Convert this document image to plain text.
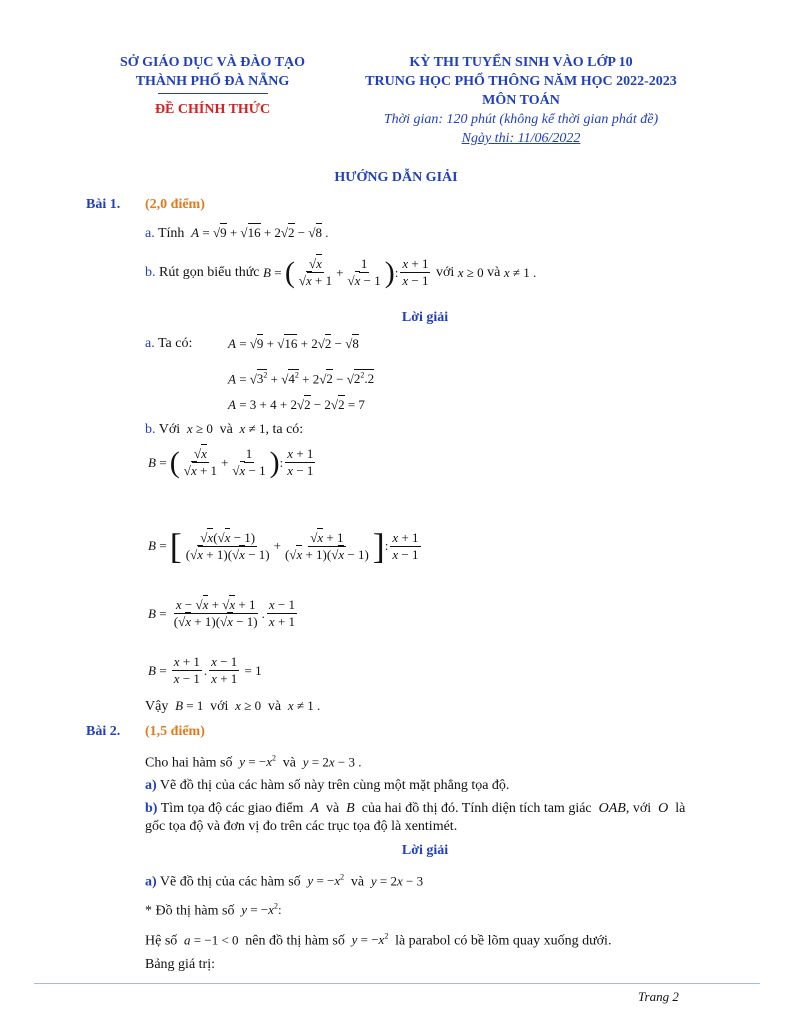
SỞ GIÁO DỤC VÀ ĐÀO TẠO
THÀNH PHỐ ĐÀ NẴNG
ĐỀ CHÍNH THỨC
KỲ THI TUYỂN SINH VÀO LỚP 10
TRUNG HỌC PHỔ THÔNG NĂM HỌC 2022-2023
MÔN TOÁN
Thời gian: 120 phút (không kể thời gian phát đề)
Ngày thi: 11/06/2022
HƯỚNG DẪN GIẢI
Bài 1. (2,0 điểm)
a. Tính A = √9 + √16 + 2√2 − √8 .
b.
Rút gọn biểu thức
B = ( $\frac{√x}{√x + 1} + \frac{1}{√x - 1}$ ) : $\frac{x + 1}{x - 1}$
với
x ≥ 0
và
x ≠ 1 .
Lời giải
a. Ta có:	A = √9 + √16 + 2√2 − √8
$A = √3^2 + √4^2 + 2√2 - √2^2.2$
A = 3 + 4 + 2√2 − 2√2 = 7
b. Với x ≥ 0  và x ≠ 1, ta có:
B = ( $\frac{√x}{√x + 1} + \frac{1}{√x - 1}$ ) : $\frac{x + 1}{x - 1}$
B = [ $\frac{√x(√x - 1)}{(√x + 1)(√x - 1)} + \frac{√x + 1}{(√x + 1)(√x - 1)}$ ] : $\frac{x + 1}{x - 1}$
$B = \frac{x - √x + √x + 1}{(√x + 1)(√x - 1)}$ . $\frac{x - 1}{x + 1}$
$B = \frac{x + 1}{x - 1}$ . $\frac{x - 1}{x + 1} = 1$
Vậy B = 1  với x ≥ 0  và x ≠ 1 .
Bài 2. (1,5 điểm)
Cho hai hàm số $y = -x^2$ và y = 2x − 3 .
a) Vẽ đồ thị của các hàm số này trên cùng một mặt phẳng tọa độ.
b) Tìm tọa độ các giao điểm  A  và  B  của hai đồ thị đó. Tính diện tích tam giác  OAB, với  O  là
gốc tọa độ và đơn vị đo trên các trục tọa độ là xentimét.
Lời giải
a) Vẽ đồ thị của các hàm số $y = -x^2$ và y = 2x − 3
* Đồ thị hàm số $y = -x^2$:
Hệ số a = −1 < 0  nên đồ thị hàm số $y = -x^2$ là parabol có bề lõm quay xuống dưới.
Bảng giá trị:
Trang 2
